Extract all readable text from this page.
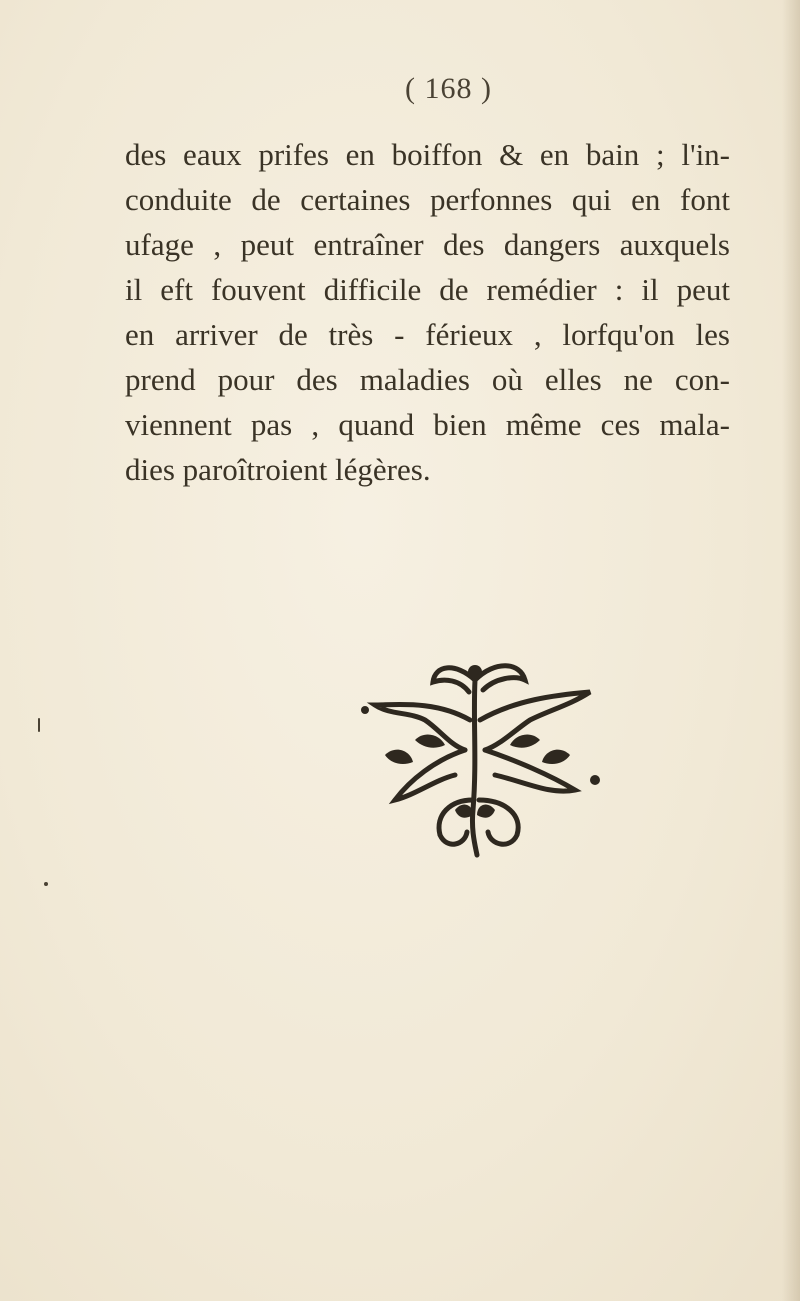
( 168 )
des eaux prifes en boiffon & en bain ; l'in-
conduite de certaines perfonnes qui en font
ufage , peut entraîner des dangers auxquels
il eft fouvent difficile de remédier : il peut
en arriver de très - férieux , lorfqu'on les
prend pour des maladies où elles ne con-
viennent pas , quand bien même ces mala-
dies paroîtroient légères.
